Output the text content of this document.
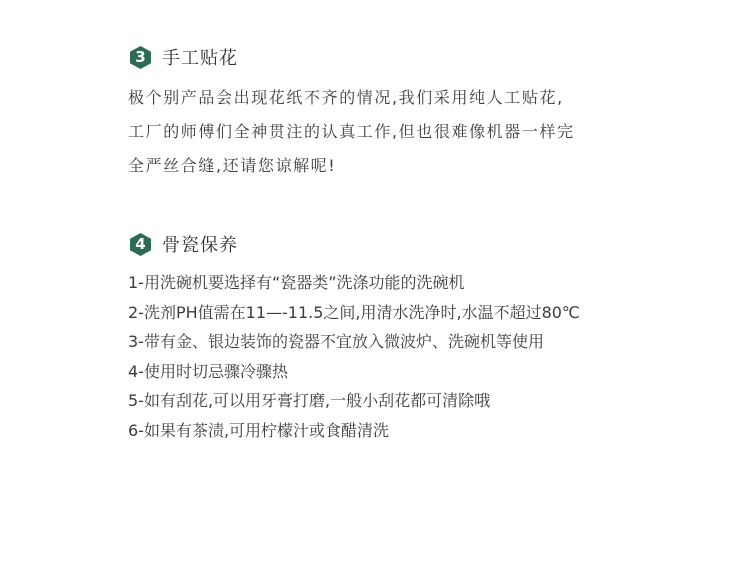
3 手工贴花
极个别产品会出现花纸不齐的情况,我们采用纯人工贴花,
工厂的师傅们全神贯注的认真工作,但也很难像机器一样完
全严丝合缝,还请您谅解呢!
4 骨瓷保养
1-用洗碗机要选择有“瓷器类”洗涤功能的洗碗机
2-洗剂PH值需在11—-11.5之间,用清水洗净时,水温不超过80℃
3-带有金、银边装饰的瓷器不宜放入微波炉、洗碗机等使用
4-使用时切忌骤冷骤热
5-如有刮花,可以用牙膏打磨,一般小刮花都可清除哦
6-如果有茶渍,可用柠檬汁或食醋清洗
